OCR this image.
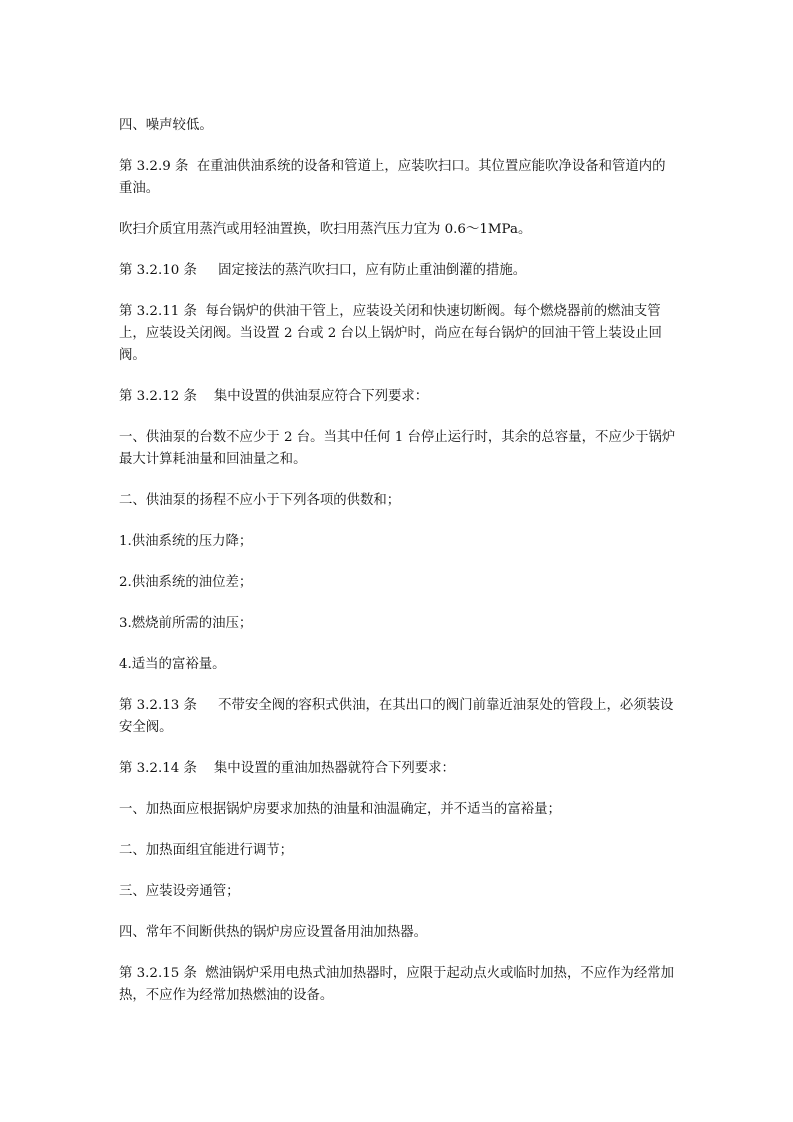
四、噪声较低。

第 3.2.9 条  在重油供油系统的设备和管道上，应装吹扫口。其位置应能吹净设备和管道内的重油。

吹扫介质宜用蒸汽或用轻油置换，吹扫用蒸汽压力宜为 0.6～1MPa。

第 3.2.10 条     固定接法的蒸汽吹扫口，应有防止重油倒灌的措施。

第 3.2.11 条  每台锅炉的供油干管上，应装设关闭和快速切断阀。每个燃烧器前的燃油支管上，应装设关闭阀。当设置 2 台或 2 台以上锅炉时，尚应在每台锅炉的回油干管上装设止回阀。

第 3.2.12 条    集中设置的供油泵应符合下列要求：

一、供油泵的台数不应少于 2 台。当其中任何 1 台停止运行时，其余的总容量，不应少于锅炉最大计算耗油量和回油量之和。

二、供油泵的扬程不应小于下列各项的供数和；

1.供油系统的压力降；

2.供油系统的油位差；

3.燃烧前所需的油压；

4.适当的富裕量。

第 3.2.13 条     不带安全阀的容积式供油，在其出口的阀门前靠近油泵处的管段上，必须装设安全阀。

第 3.2.14 条    集中设置的重油加热器就符合下列要求：

一、加热面应根据锅炉房要求加热的油量和油温确定，并不适当的富裕量；

二、加热面组宜能进行调节；

三、应装设旁通管；

四、常年不间断供热的锅炉房应设置备用油加热器。

第 3.2.15 条  燃油锅炉采用电热式油加热器时，应限于起动点火或临时加热，不应作为经常加热，不应作为经常加热燃油的设备。
